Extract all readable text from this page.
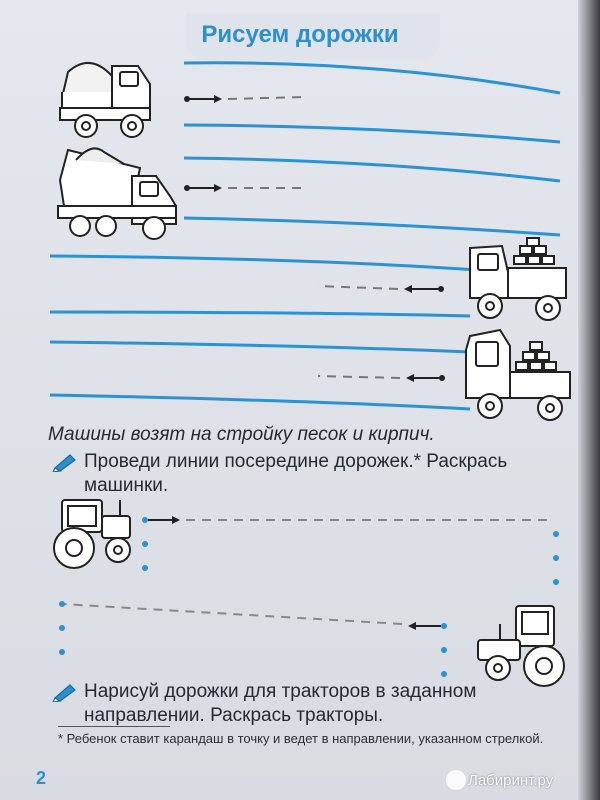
Рисуем дорожки
Машины возят на стройку песок и кирпич.
Проведи линии посередине дорожек.* Раскрась машинки.
Нарисуй дорожки для тракторов в заданном направлении. Раскрась тракторы.
* Ребенок ставит карандаш в точку и ведет в направлении, указанном стрелкой.
2	Лабиринт.ру
